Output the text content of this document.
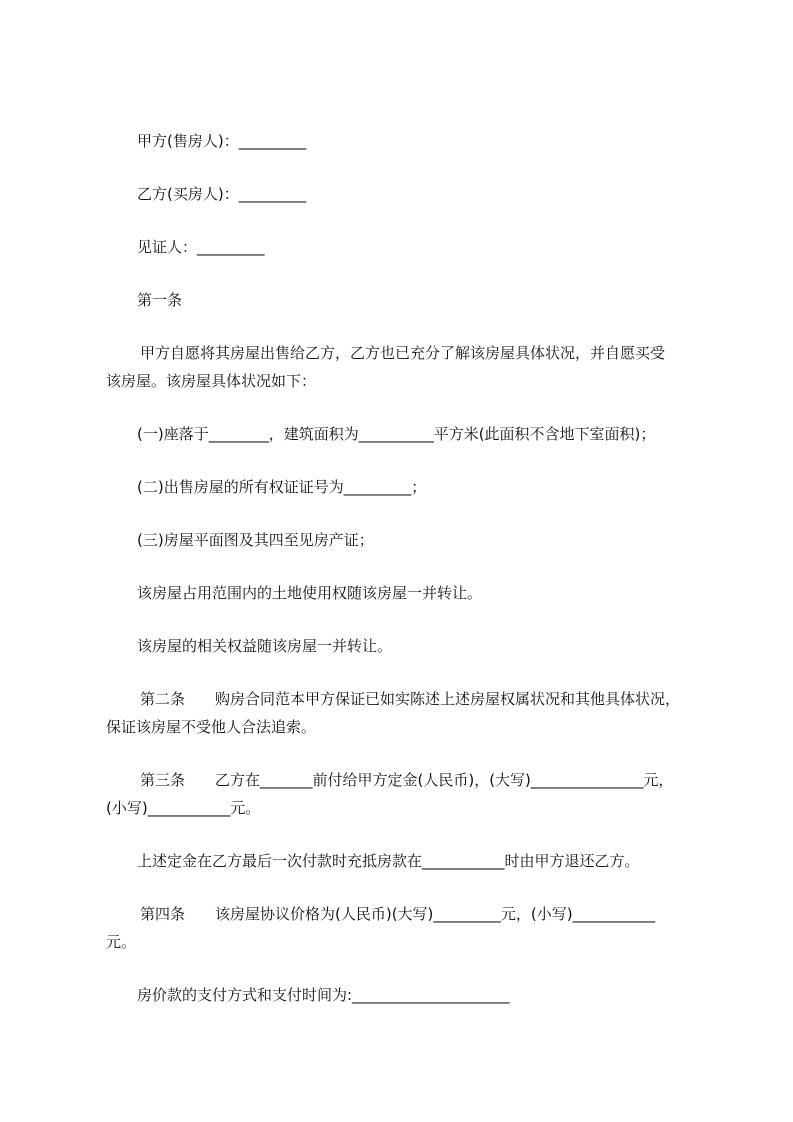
甲方(售房人)：_________
乙方(买房人)：_________
见证人：_________
第一条
甲方自愿将其房屋出售给乙方，乙方也已充分了解该房屋具体状况，并自愿买受
该房屋。该房屋具体状况如下：
(一)座落于________，建筑面积为__________平方米(此面积不含地下室面积)；
(二)出售房屋的所有权证证号为_________；
(三)房屋平面图及其四至见房产证；
该房屋占用范围内的土地使用权随该房屋一并转让。
该房屋的相关权益随该房屋一并转让。
第二条　　购房合同范本甲方保证已如实陈述上述房屋权属状况和其他具体状况，
保证该房屋不受他人合法追索。
第三条　　乙方在_______前付给甲方定金(人民币)，(大写)_______________元，
(小写)___________元。
上述定金在乙方最后一次付款时充抵房款在___________时由甲方退还乙方。
第四条　　该房屋协议价格为(人民币)(大写)_________元，(小写)___________
元。
房价款的支付方式和支付时间为:_____________________
